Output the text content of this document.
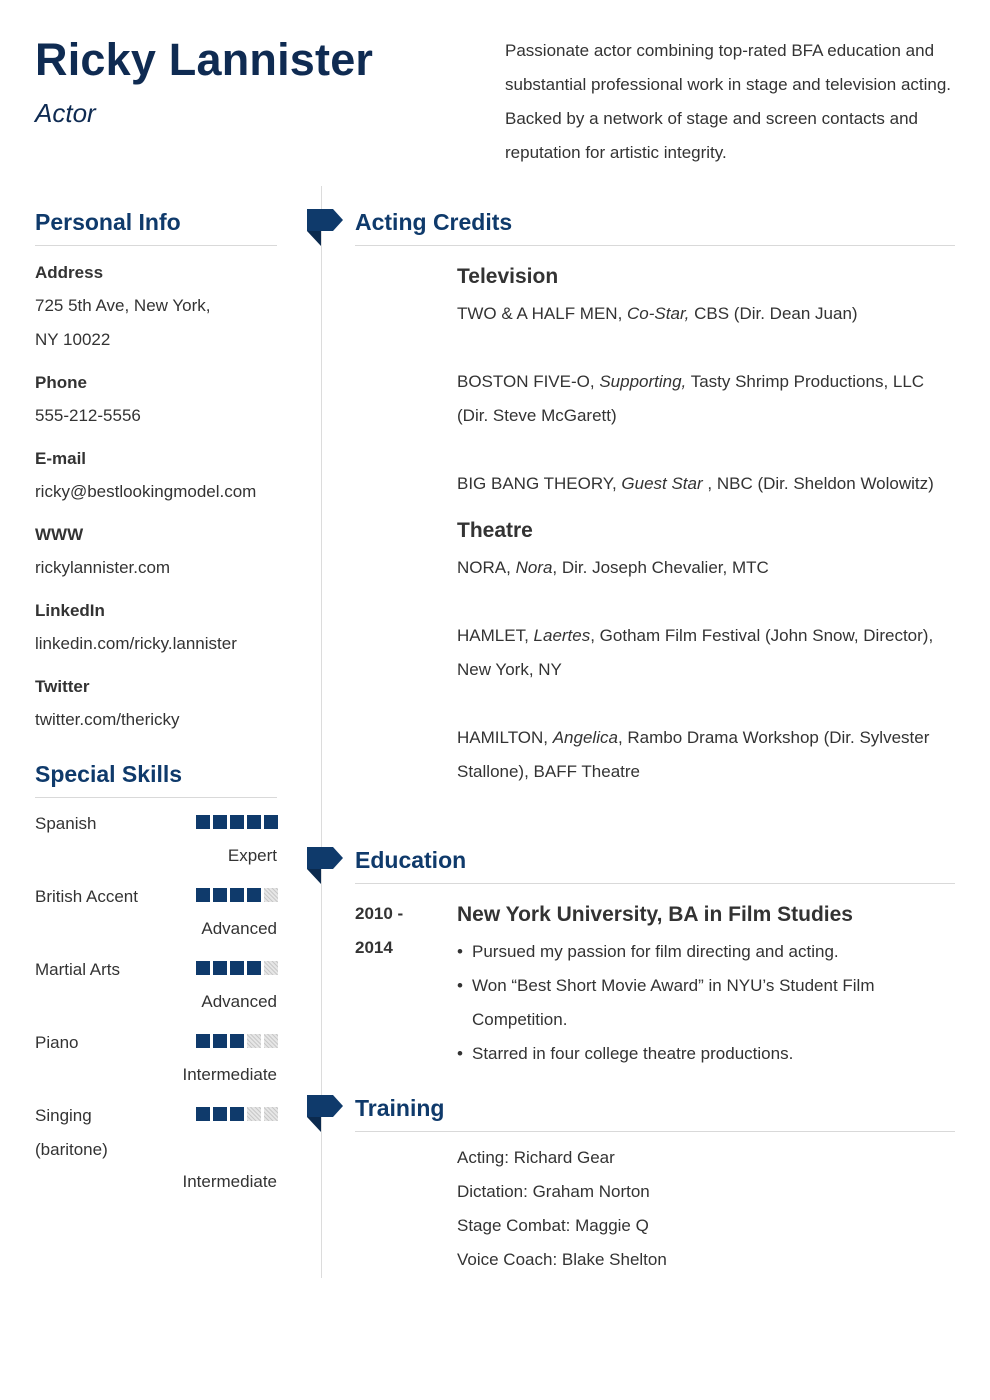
Ricky Lannister
Actor
Passionate actor combining top-rated BFA education and substantial professional work in stage and television acting. Backed by a network of stage and screen contacts and reputation for artistic integrity.
Personal Info
Address
725 5th Ave, New York, NY 10022
Phone
555-212-5556
E-mail
ricky@bestlookingmodel.com
WWW
rickylannister.com
LinkedIn
linkedin.com/ricky.lannister
Twitter
twitter.com/thericky
Special Skills
Spanish
Expert
British Accent
Advanced
Martial Arts
Advanced
Piano
Intermediate
Singing (baritone)
Intermediate
Acting Credits
Television
TWO & A HALF MEN, Co-Star, CBS (Dir. Dean Juan)
BOSTON FIVE-O, Supporting, Tasty Shrimp Productions, LLC (Dir. Steve McGarett)
BIG BANG THEORY, Guest Star , NBC (Dir. Sheldon Wolowitz)
Theatre
NORA, Nora, Dir. Joseph Chevalier, MTC
HAMLET, Laertes, Gotham Film Festival (John Snow, Director), New York, NY
HAMILTON, Angelica, Rambo Drama Workshop (Dir. Sylvester Stallone), BAFF Theatre
Education
2010 - 2014
New York University, BA in Film Studies
• Pursued my passion for film directing and acting.
• Won “Best Short Movie Award” in NYU’s Student Film Competition.
• Starred in four college theatre productions.
Training
Acting: Richard Gear
Dictation: Graham Norton
Stage Combat: Maggie Q
Voice Coach: Blake Shelton
